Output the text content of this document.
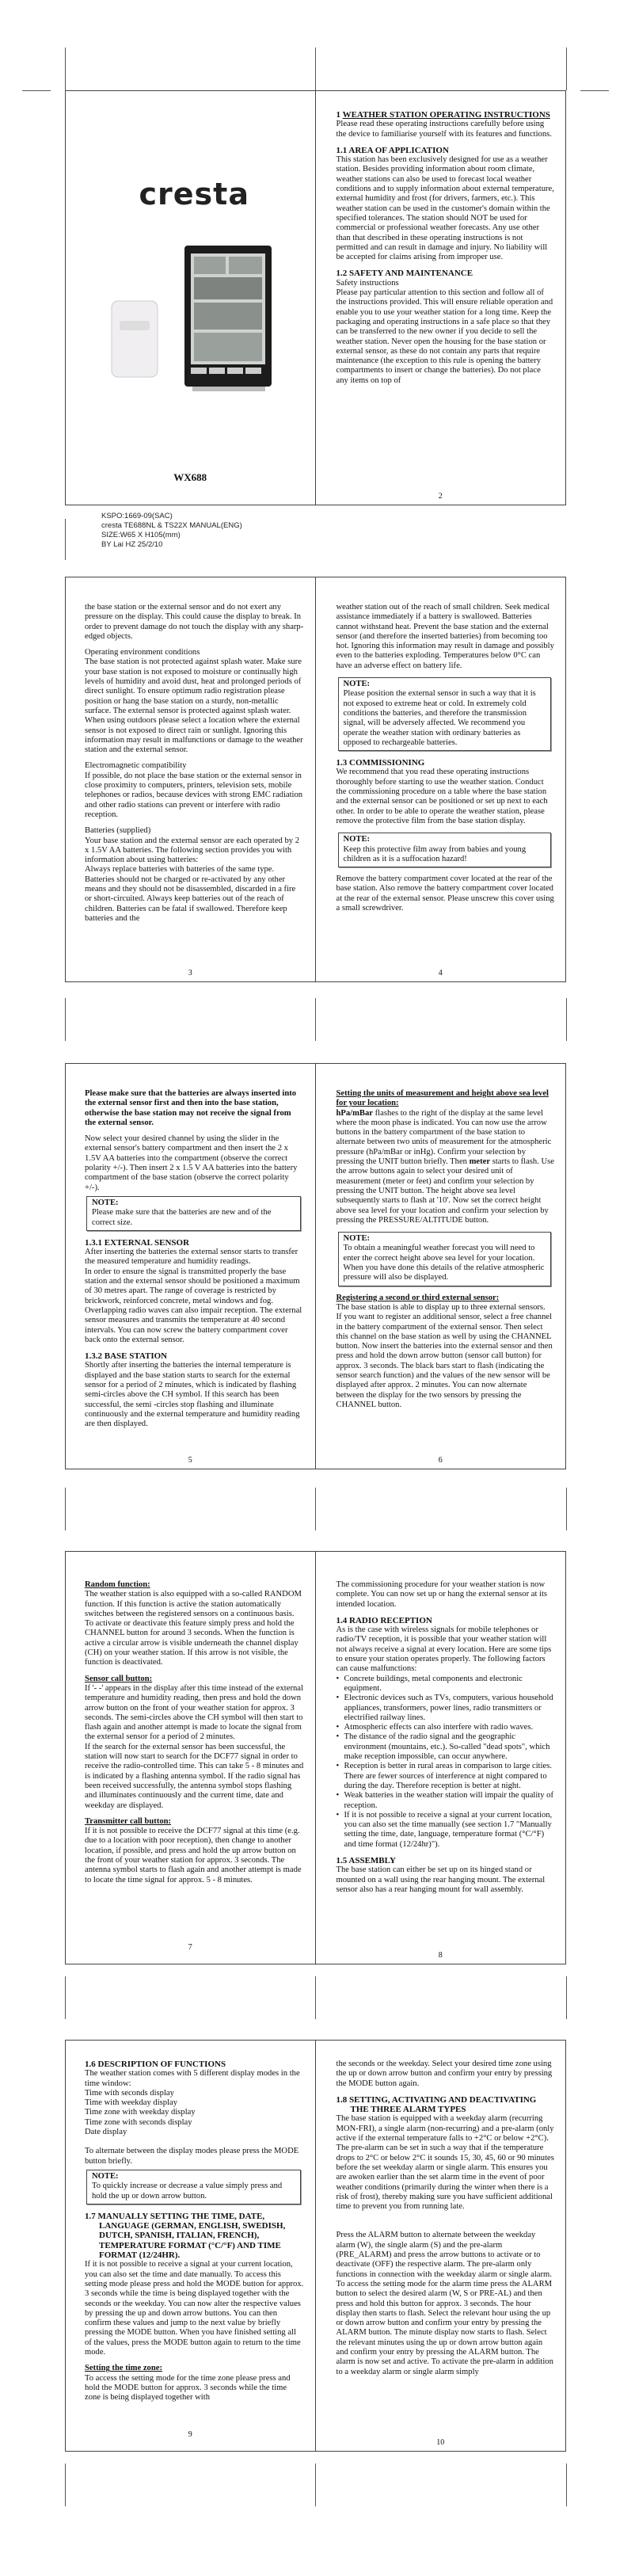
cresta
WX688

1 WEATHER STATION OPERATING INSTRUCTIONS

Please read these operating instructions carefully before using the device to familiarise yourself with its features and functions.

1.1 AREA OF APPLICATION

This station has been exclusively designed for use as a weather station. Besides providing information about room climate, weather stations can also be used to forecast local weather conditions and to supply information about external temperature, external humidity and frost (for drivers, farmers, etc.). This weather station can be used in the customer's domain within the specified tolerances. The station should NOT be used for commercial or professional weather forecasts. Any use other than that described in these operating instructions is not permitted and can result in damage and injury. No liability will be accepted for claims arising from improper use.

1.2 SAFETY AND MAINTENANCE

Safety instructions

Please pay particular attention to this section and follow all of the instructions provided. This will ensure reliable operation and enable you to use your weather station for a long time. Keep the packaging and operating instructions in a safe place so that they can be transferred to the new owner if you decide to sell the weather station. Never open the housing for the base station or external sensor, as these do not contain any parts that require maintenance (the exception to this rule is opening the battery compartments to insert or change the batteries). Do not place any items on top of

2
KSPO:1669-09(SAC)
cresta TE688NL & TS22X MANUAL(ENG)
SIZE:W65 X H105(mm)
BY Lai HZ 25/2/10

the base station or the external sensor and do not exert any pressure on the display. This could cause the display to break. In order to prevent damage do not touch the display with any sharp-edged objects.

Operating environment conditions

The base station is not protected against splash water. Make sure your base station is not exposed to moisture or continually high levels of humidity and avoid dust, heat and prolonged periods of direct sunlight. To ensure optimum radio registration please position or hang the base station on a sturdy, non-metallic surface. The external sensor is protected against splash water. When using outdoors please select a location where the external sensor is not exposed to direct rain or sunlight. Ignoring this information may result in malfunctions or damage to the weather station and the external sensor.

Electromagnetic compatibility

If possible, do not place the base station or the external sensor in close proximity to computers, printers, television sets, mobile telephones or radios, because devices with strong EMC radiation and other radio stations can prevent or interfere with radio reception.

Batteries (supplied)

Your base station and the external sensor are each operated by 2 x 1.5V AA batteries. The following section provides you with information about using batteries:

Always replace batteries with batteries of the same type. Batteries should not be charged or re-activated by any other means and they should not be disassembled, discarded in a fire or short-circuited. Always keep batteries out of the reach of children. Batteries can be fatal if swallowed. Therefore keep batteries and the

3

weather station out of the reach of small children. Seek medical assistance immediately if a battery is swallowed. Batteries cannot withstand heat. Prevent the base station and the external sensor (and therefore the inserted batteries) from becoming too hot. Ignoring this information may result in damage and possibly even to the batteries exploding. Temperatures below 0°C can have an adverse effect on battery life.

NOTE:
Please position the external sensor in such a way that it is not exposed to extreme heat or cold. In extremely cold conditions the batteries, and therefore the transmission signal, will be adversely affected. We recommend you operate the weather station with ordinary batteries as opposed to rechargeable batteries.

1.3 COMMISSIONING

We recommend that you read these operating instructions thoroughly before starting to use the weather station. Conduct the commissioning procedure on a table where the base station and the external sensor can be positioned or set up next to each other. In order to be able to operate the weather station, please remove the protective film from the base station display.

NOTE:
Keep this protective film away from babies and young children as it is a suffocation hazard!

Remove the battery compartment cover located at the rear of the base station. Also remove the battery compartment cover located at the rear of the external sensor. Please unscrew this cover using a small screwdriver.

4

Please make sure that the batteries are always inserted into the external sensor first and then into the base station, otherwise the base station may not receive the signal from the external sensor.

Now select your desired channel by using the slider in the external sensor's battery compartment and then insert the 2 x 1.5V AA batteries into the compartment (observe the correct polarity +/-). Then insert 2 x 1.5 V AA batteries into the battery compartment of the base station (observe the correct polarity +/-).

NOTE:
Please make sure that the batteries are new and of the correct size.

1.3.1 EXTERNAL SENSOR

After inserting the batteries the external sensor starts to transfer the measured temperature and humidity readings.

In order to ensure the signal is transmitted properly the base station and the external sensor should be positioned a maximum of 30 metres apart. The range of coverage is restricted by brickwork, reinforced concrete, metal windows and fog. Overlapping radio waves can also impair reception. The external sensor measures and transmits the temperature at 40 second intervals. You can now screw the battery compartment cover back onto the external sensor.

1.3.2 BASE STATION

Shortly after inserting the batteries the internal temperature is displayed and the base station starts to search for the external sensor for a period of 2 minutes, which is indicated by flashing semi-circles above the CH symbol. If this search has been successful, the semi -circles stop flashing and illuminate continuously and the external temperature and humidity reading are then displayed.

5

Setting the units of measurement and height above sea level for your location:

hPa/mBar flashes to the right of the display at the same level where the moon phase is indicated. You can now use the arrow buttons in the battery compartment of the base station to alternate between two units of measurement for the atmospheric pressure (hPa/mBar or inHg). Confirm your selection by pressing the UNIT button briefly. Then meter starts to flash. Use the arrow buttons again to select your desired unit of measurement (meter or feet) and confirm your selection by pressing the UNIT button. The height above sea level subsequently starts to flash at '10'. Now set the correct height above sea level for your location and confirm your selection by pressing the PRESSURE/ALTITUDE button.

NOTE:
To obtain a meaningful weather forecast you will need to enter the correct height above sea level for your location. When you have done this details of the relative atmospheric pressure will also be displayed.

Registering a second or third external sensor:

The base station is able to display up to three external sensors.

If you want to register an additional sensor, select a free channel in the battery compartment of the external sensor. Then select this channel on the base station as well by using the CHANNEL button. Now insert the batteries into the external sensor and then press and hold the down arrow button (sensor call button) for approx. 3 seconds. The black bars start to flash (indicating the sensor search function) and the values of the new sensor will be displayed after approx. 2 minutes. You can now alternate between the display for the two sensors by pressing the CHANNEL button.

6

Random function:

The weather station is also equipped with a so-called RANDOM function. If this function is active the station automatically switches between the registered sensors on a continuous basis. To activate or deactivate this feature simply press and hold the CHANNEL button for around 3 seconds. When the function is active a circular arrow is visible underneath the channel display (CH) on your weather station. If this arrow is not visible, the function is deactivated.

Sensor call button:

If '- -' appears in the display after this time instead of the external temperature and humidity reading, then press and hold the down arrow button on the front of your weather station for approx. 3 seconds. The semi-circles above the CH symbol will then start to flash again and another attempt is made to locate the signal from the external sensor for a period of 2 minutes.

If the search for the external sensor has been successful, the station will now start to search for the DCF77 signal in order to receive the radio-controlled time. This can take 5 - 8 minutes and is indicated by a flashing antenna symbol. If the radio signal has been received successfully, the antenna symbol stops flashing and illuminates continuously and the current time, date and weekday are displayed.

Transmitter call button:

If it is not possible to receive the DCF77 signal at this time (e.g. due to a location with poor reception), then change to another location, if possible, and press and hold the up arrow button on the front of your weather station for approx. 3 seconds. The antenna symbol starts to flash again and another attempt is made to locate the time signal for approx. 5 - 8 minutes.

7

The commissioning procedure for your weather station is now complete. You can now set up or hang the external sensor at its intended location.

1.4 RADIO RECEPTION

As is the case with wireless signals for mobile telephones or radio/TV reception, it is possible that your weather station will not always receive a signal at every location. Here are some tips to ensure your station operates properly. The following factors can cause malfunctions:

• Concrete buildings, metal components and electronic equipment.
• Electronic devices such as TVs, computers, various household appliances, transformers, power lines, radio transmitters or electrified railway lines.
• Atmospheric effects can also interfere with radio waves.
• The distance of the radio signal and the geographic environment (mountains, etc.). So-called "dead spots", which make reception impossible, can occur anywhere.
• Reception is better in rural areas in comparison to large cities. There are fewer sources of interference at night compared to during the day. Therefore reception is better at night.
• Weak batteries in the weather station will impair the quality of reception.
• If it is not possible to receive a signal at your current location, you can also set the time manually (see section 1.7 "Manually setting the time, date, language, temperature format (°C/°F) and time format (12/24hr)").

1.5 ASSEMBLY

The base station can either be set up on its hinged stand or mounted on a wall using the rear hanging mount. The external sensor also has a rear hanging mount for wall assembly.

8

1.6 DESCRIPTION OF FUNCTIONS

The weather station comes with 5 different display modes in the time window:

Time with seconds display
Time with weekday display
Time zone with weekday display
Time zone with seconds display
Date display

To alternate between the display modes please press the MODE button briefly.

NOTE:
To quickly increase or decrease a value simply press and hold the up or down arrow button.

1.7 MANUALLY SETTING THE TIME, DATE, LANGUAGE (GERMAN, ENGLISH, SWEDISH, DUTCH, SPANISH, ITALIAN, FRENCH), TEMPERATURE FORMAT (°C/°F) AND TIME FORMAT (12/24HR).

If it is not possible to receive a signal at your current location, you can also set the time and date manually. To access this setting mode please press and hold the MODE button for approx. 3 seconds while the time is being displayed together with the seconds or the weekday. You can now alter the respective values by pressing the up and down arrow buttons. You can then confirm these values and jump to the next value by briefly pressing the MODE button. When you have finished setting all of the values, press the MODE button again to return to the time mode.

Setting the time zone:

To access the setting mode for the time zone please press and hold the MODE button for approx. 3 seconds while the time zone is being displayed together with

9

the seconds or the weekday. Select your desired time zone using the up or down arrow button and confirm your entry by pressing the MODE button again.

1.8 SETTING, ACTIVATING AND DEACTIVATING THE THREE ALARM TYPES

The base station is equipped with a weekday alarm (recurring MON-FRI), a single alarm (non-recurring) and a pre-alarm (only active if the external temperature falls to +2°C or below +2°C). The pre-alarm can be set in such a way that if the temperature drops to 2°C or below 2°C it sounds 15, 30, 45, 60 or 90 minutes before the set weekday alarm or single alarm. This ensures you are awoken earlier than the set alarm time in the event of poor weather conditions (primarily during the winter when there is a risk of frost), thereby making sure you have sufficient additional time to prevent you from running late.

Press the ALARM button to alternate between the weekday alarm (W), the single alarm (S) and the pre-alarm (PRE_ALARM) and press the arrow buttons to activate or to deactivate (OFF) the respective alarm. The pre-alarm only functions in connection with the weekday alarm or single alarm. To access the setting mode for the alarm time press the ALARM button to select the desired alarm (W, S or PRE-AL) and then press and hold this button for approx. 3 seconds. The hour display then starts to flash. Select the relevant hour using the up or down arrow button and confirm your entry by pressing the ALARM button. The minute display now starts to flash. Select the relevant minutes using the up or down arrow button again and confirm your entry by pressing the ALARM button. The alarm is now set and active. To activate the pre-alarm in addition to a weekday alarm or single alarm simply

10
